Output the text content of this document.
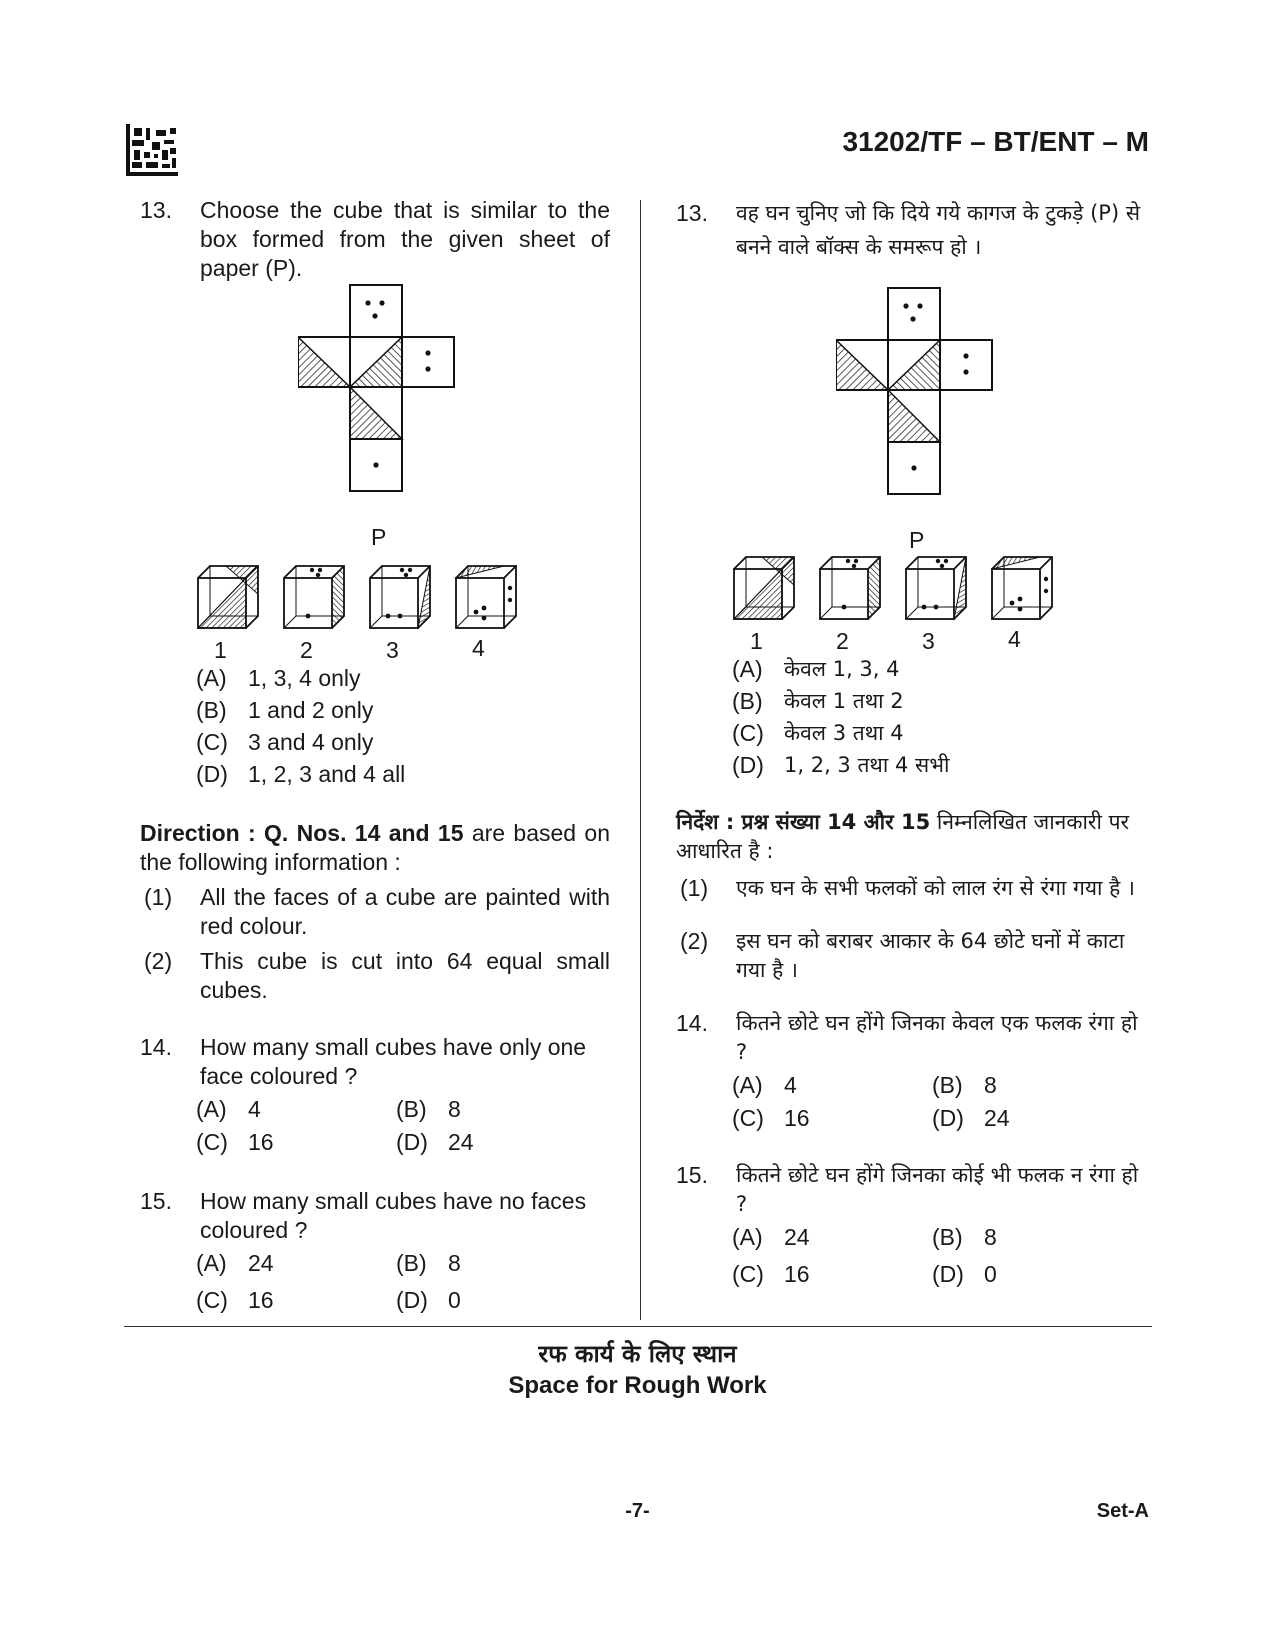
31202/TF – BT/ENT – M
13. Choose the cube that is similar to the box formed from the given sheet of paper (P).
P
1	2	3	4
(A) 1, 3, 4 only
(B) 1 and 2 only
(C) 3 and 4 only
(D) 1, 2, 3 and 4 all
Direction : Q. Nos. 14 and 15 are based on the following information :
(1) All the faces of a cube are painted with red colour.
(2) This cube is cut into 64 equal small cubes.
14. How many small cubes have only one face coloured ?
(A) 4	(B) 8
(C) 16	(D) 24
15. How many small cubes have no faces coloured ?
(A) 24	(B) 8
(C) 16	(D) 0
13. वह घन चुनिए जो कि दिये गये कागज के टुकड़े (P) से बनने वाले बॉक्स के समरूप हो ।
P
1	2	3	4
(A)	केवल 1, 3, 4
(B)	केवल 1 तथा 2
(C) केवल 3 तथा 4
(D) 1, 2, 3 तथा 4 सभी
निर्देश : प्रश्न संख्या 14 और 15 निम्नलिखित जानकारी पर आधारित है :
(1) एक घन के सभी फलकों को लाल रंग से रंगा गया है ।
(2) इस घन को बराबर आकार के 64 छोटे घनों में काटा गया है ।
14. कितने छोटे घन होंगे जिनका केवल एक फलक रंगा हो ?
(A) 4	(B) 8
(C) 16	(D) 24
15. कितने छोटे घन होंगे जिनका कोई भी फलक न रंगा हो ?
(A) 24	(B) 8
(C) 16	(D) 0
रफ कार्य के लिए स्थान
Space for Rough Work
-7-	Set-A
